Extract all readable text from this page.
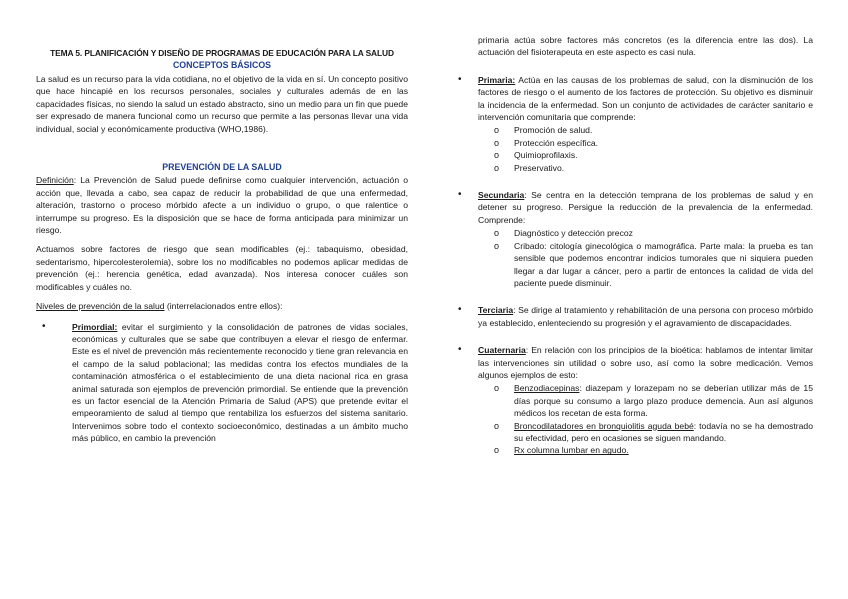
TEMA 5. PLANIFICACIÓN Y DISEÑO DE PROGRAMAS DE EDUCACIÓN PARA LA SALUD
CONCEPTOS BÁSICOS

La salud es un recurso para la vida cotidiana, no el objetivo de la vida en sí. Un concepto positivo que hace hincapié en los recursos personales, sociales y culturales además de en las capacidades físicas, no siendo la salud un estado abstracto, sino un medio para un fin que puede ser expresado de manera funcional como un recurso que permite a las personas llevar una vida individual, social y económicamente productiva (WHO,1986).

PREVENCIÓN DE LA SALUD

Definición: La Prevención de Salud puede definirse como cualquier intervención, actuación o acción que, llevada a cabo, sea capaz de reducir la probabilidad de que una enfermedad, alteración, trastorno o proceso mórbido afecte a un individuo o grupo, o que ralentice o interrumpe su progreso. Es la disposición que se hace de forma anticipada para minimizar un riesgo.

Actuamos sobre factores de riesgo que sean modificables (ej.: tabaquismo, obesidad, sedentarismo, hipercolesterolemia), sobre los no modificables no podemos aplicar medidas de prevención (ej.: herencia genética, edad avanzada). Nos interesa conocer cuáles son modificables y cuáles no.

Niveles de prevención de la salud (interrelacionados entre ellos):

•	Primordial: evitar el surgimiento y la consolidación de patrones de vidas sociales, económicas y culturales que se sabe que contribuyen a elevar el riesgo de enfermar. Este es el nivel de prevención más recientemente reconocido y tiene gran relevancia en el campo de la salud poblacional; las medidas contra los efectos mundiales de la contaminación atmosférica o el establecimiento de una dieta nacional rica en grasa animal saturada son ejemplos de prevención primordial. Se entiende que la prevención es un factor esencial de la Atención Primaria de Salud (APS) que pretende evitar el empeoramiento de salud al tiempo que rentabiliza los esfuerzos del sistema sanitario. Intervenimos sobre todo el contexto socioeconómico, destinadas a un ámbito mucho más público, en cambio la prevención

primaria actúa sobre factores más concretos (es la diferencia entre las dos). La actuación del fisioterapeuta en este aspecto es casi nula.

• Primaria: Actúa en las causas de los problemas de salud, con la disminución de los factores de riesgo o el aumento de los factores de protección. Su objetivo es disminuir la incidencia de la enfermedad. Son un conjunto de actividades de carácter sanitario e intervención comunitaria que comprende:
o Promoción de salud.
o Protección específica.
o Quimioprofilaxis.
o Preservativo.
• Secundaria: Se centra en la detección temprana de los problemas de salud y en detener su progreso. Persigue la reducción de la prevalencia de la enfermedad. Comprende:
o Diagnóstico y detección precoz
o Cribado: citología ginecológica o mamográfica. Parte mala: la prueba es tan sensible que podemos encontrar indicios tumorales que ni siquiera pueden llegar a dar lugar a cáncer, pero a partir de entonces la calidad de vida del paciente puede disminuir.
• Terciaria: Se dirige al tratamiento y rehabilitación de una persona con proceso mórbido ya establecido, enlenteciendo su progresión y el agravamiento de discapacidades.
• Cuaternaria: En relación con los principios de la bioética: hablamos de intentar limitar las intervenciones sin utilidad o sobre uso, así como la sobre medicación. Vemos algunos ejemplos de esto:
o Benzodiacepinas: diazepam y lorazepam no se deberían utilizar más de 15 días porque su consumo a largo plazo produce demencia. Aun así algunos médicos los recetan de esta forma.
o Broncodilatadores en bronquiolitis aguda bebé: todavía no se ha demostrado su efectividad, pero en ocasiones se siguen mandando.
o Rx columna lumbar en agudo.
